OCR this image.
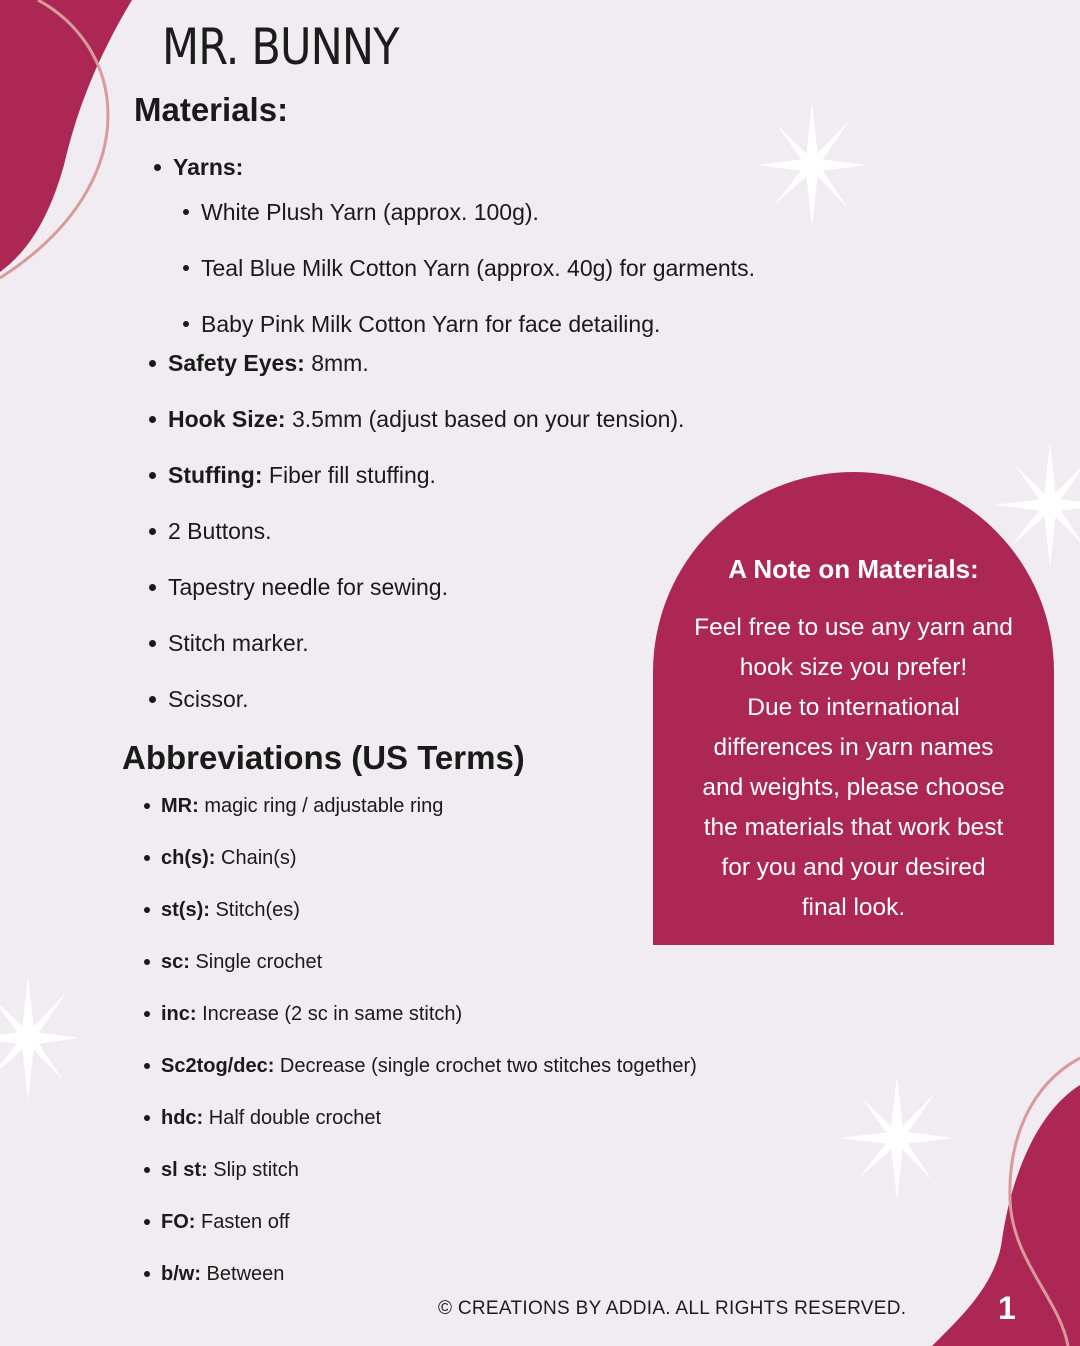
MR. BUNNY
Materials:
Yarns:
White Plush Yarn (approx. 100g).
Teal Blue Milk Cotton Yarn (approx. 40g) for garments.
Baby Pink Milk Cotton Yarn for face detailing.
Safety Eyes: 8mm.
Hook Size: 3.5mm (adjust based on your tension).
Stuffing: Fiber fill stuffing.
2 Buttons.
Tapestry needle for sewing.
Stitch marker.
Scissor.
Abbreviations (US Terms)
MR: magic ring / adjustable ring
ch(s): Chain(s)
st(s): Stitch(es)
sc: Single crochet
inc: Increase (2 sc in same stitch)
Sc2tog/dec: Decrease (single crochet two stitches together)
hdc: Half double crochet
sl st: Slip stitch
FO: Fasten off
b/w: Between
A Note on Materials:
Feel free to use any yarn and
hook size you prefer!
Due to international
differences in yarn names
and weights, please choose
the materials that work best
for you and your desired
final look.
© CREATIONS BY ADDIA. ALL RIGHTS RESERVED.	1
